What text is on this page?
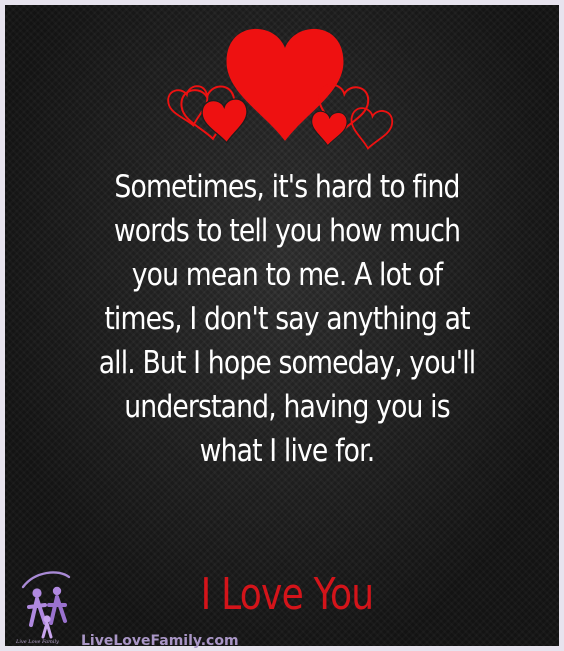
Sometimes, it's hard to find
words to tell you how much
you mean to me. A lot of
times, I don't say anything at
all. But I hope someday, you'll
understand, having you is
what I live for.

I Love You
Live Love Family LiveLoveFamily.com
